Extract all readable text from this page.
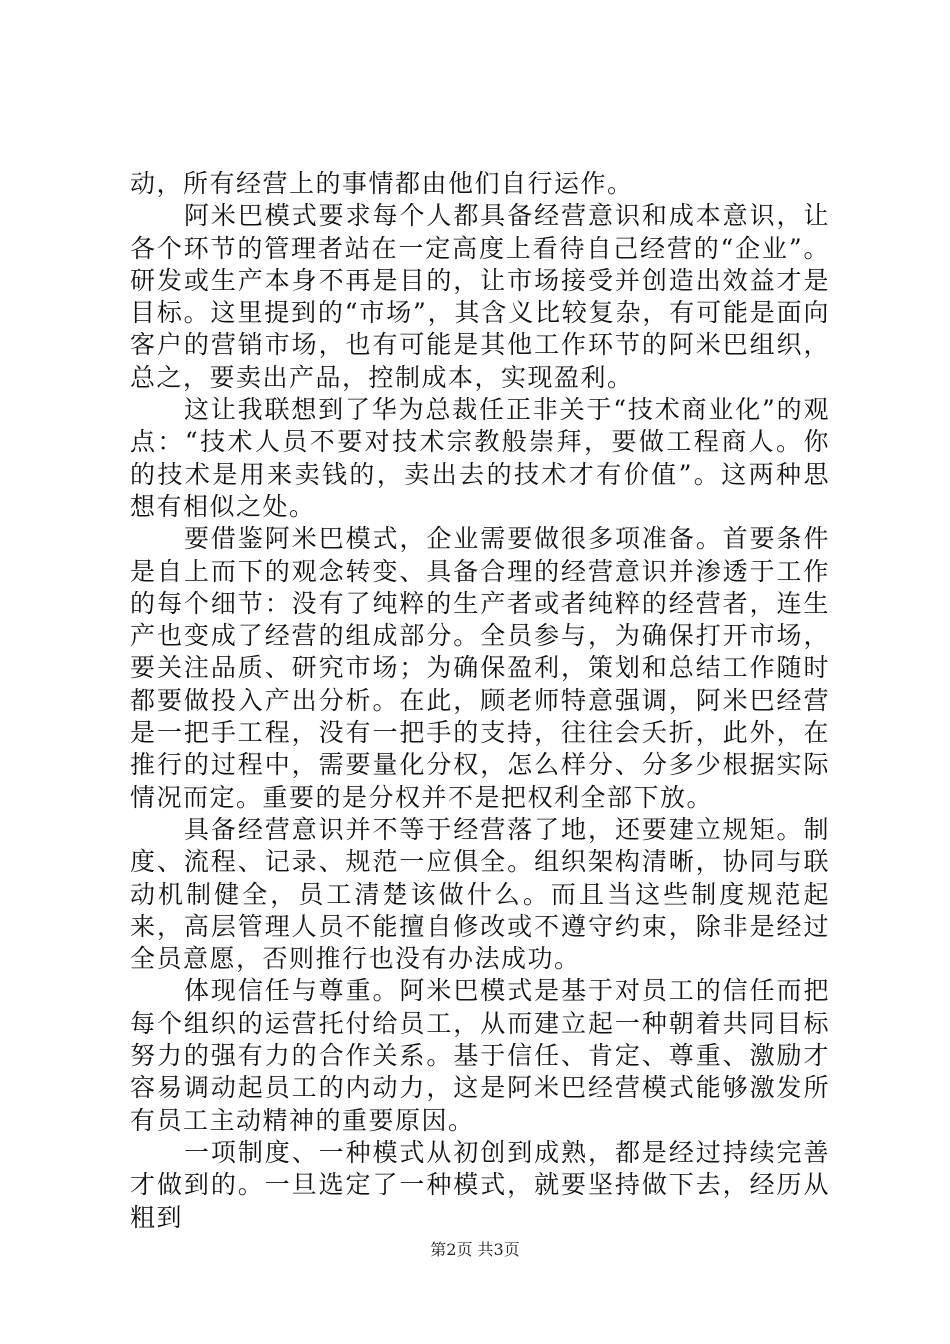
动，所有经营上的事情都由他们自行运作。

阿米巴模式要求每个人都具备经营意识和成本意识，让各个环节的管理者站在一定高度上看待自己经营的“企业”。研发或生产本身不再是目的，让市场接受并创造出效益才是目标。这里提到的“市场”，其含义比较复杂，有可能是面向客户的营销市场，也有可能是其他工作环节的阿米巴组织，总之，要卖出产品，控制成本，实现盈利。

这让我联想到了华为总裁任正非关于“技术商业化”的观点：“技术人员不要对技术宗教般崇拜，要做工程商人。你的技术是用来卖钱的，卖出去的技术才有价值”。这两种思想有相似之处。

要借鉴阿米巴模式，企业需要做很多项准备。首要条件是自上而下的观念转变、具备合理的经营意识并渗透于工作的每个细节：没有了纯粹的生产者或者纯粹的经营者，连生产也变成了经营的组成部分。全员参与，为确保打开市场，要关注品质、研究市场；为确保盈利，策划和总结工作随时都要做投入产出分析。在此，顾老师特意强调，阿米巴经营是一把手工程，没有一把手的支持，往往会夭折，此外，在推行的过程中，需要量化分权，怎么样分、分多少根据实际情况而定。重要的是分权并不是把权利全部下放。

具备经营意识并不等于经营落了地，还要建立规矩。制度、流程、记录、规范一应俱全。组织架构清晰，协同与联动机制健全，员工清楚该做什么。而且当这些制度规范起来，高层管理人员不能擅自修改或不遵守约束，除非是经过全员意愿，否则推行也没有办法成功。

体现信任与尊重。阿米巴模式是基于对员工的信任而把每个组织的运营托付给员工，从而建立起一种朝着共同目标努力的强有力的合作关系。基于信任、肯定、尊重、激励才容易调动起员工的内动力，这是阿米巴经营模式能够激发所有员工主动精神的重要原因。

一项制度、一种模式从初创到成熟，都是经过持续完善才做到的。一旦选定了一种模式，就要坚持做下去，经历从粗到

第2页 共3页
